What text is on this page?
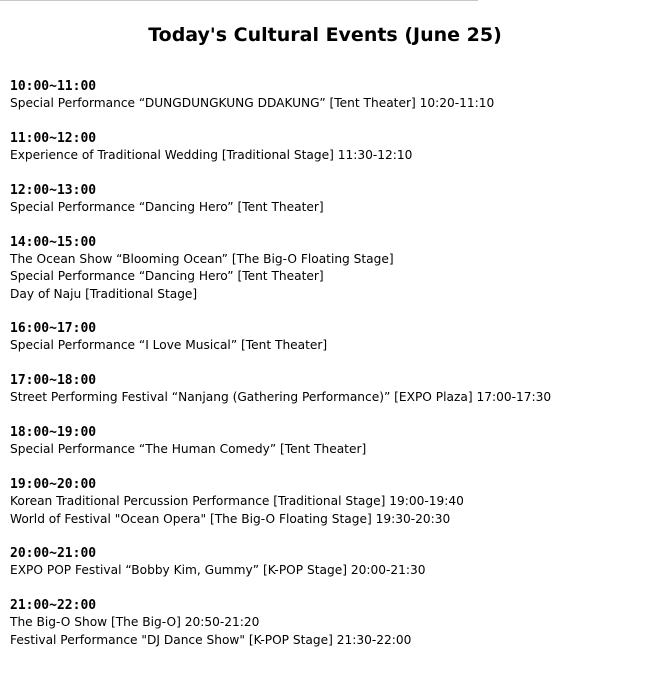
Today's Cultural Events (June 25)
10:00~11:00
Special Performance “DUNGDUNGKUNG DDAKUNG” [Tent Theater] 10:20-11:10
11:00~12:00
Experience of Traditional Wedding [Traditional Stage] 11:30-12:10
12:00~13:00
Special Performance “Dancing Hero” [Tent Theater]
14:00~15:00
The Ocean Show “Blooming Ocean” [The Big-O Floating Stage]
Special Performance “Dancing Hero” [Tent Theater]
Day of Naju [Traditional Stage]
16:00~17:00
Special Performance “I Love Musical” [Tent Theater]
17:00~18:00
Street Performing Festival “Nanjang (Gathering Performance)” [EXPO Plaza] 17:00-17:30
18:00~19:00
Special Performance “The Human Comedy” [Tent Theater]
19:00~20:00
Korean Traditional Percussion Performance [Traditional Stage] 19:00-19:40
World of Festival "Ocean Opera" [The Big-O Floating Stage] 19:30-20:30
20:00~21:00
EXPO POP Festival “Bobby Kim, Gummy” [K-POP Stage] 20:00-21:30
21:00~22:00
The Big-O Show [The Big-O] 20:50-21:20
Festival Performance "DJ Dance Show" [K-POP Stage] 21:30-22:00
